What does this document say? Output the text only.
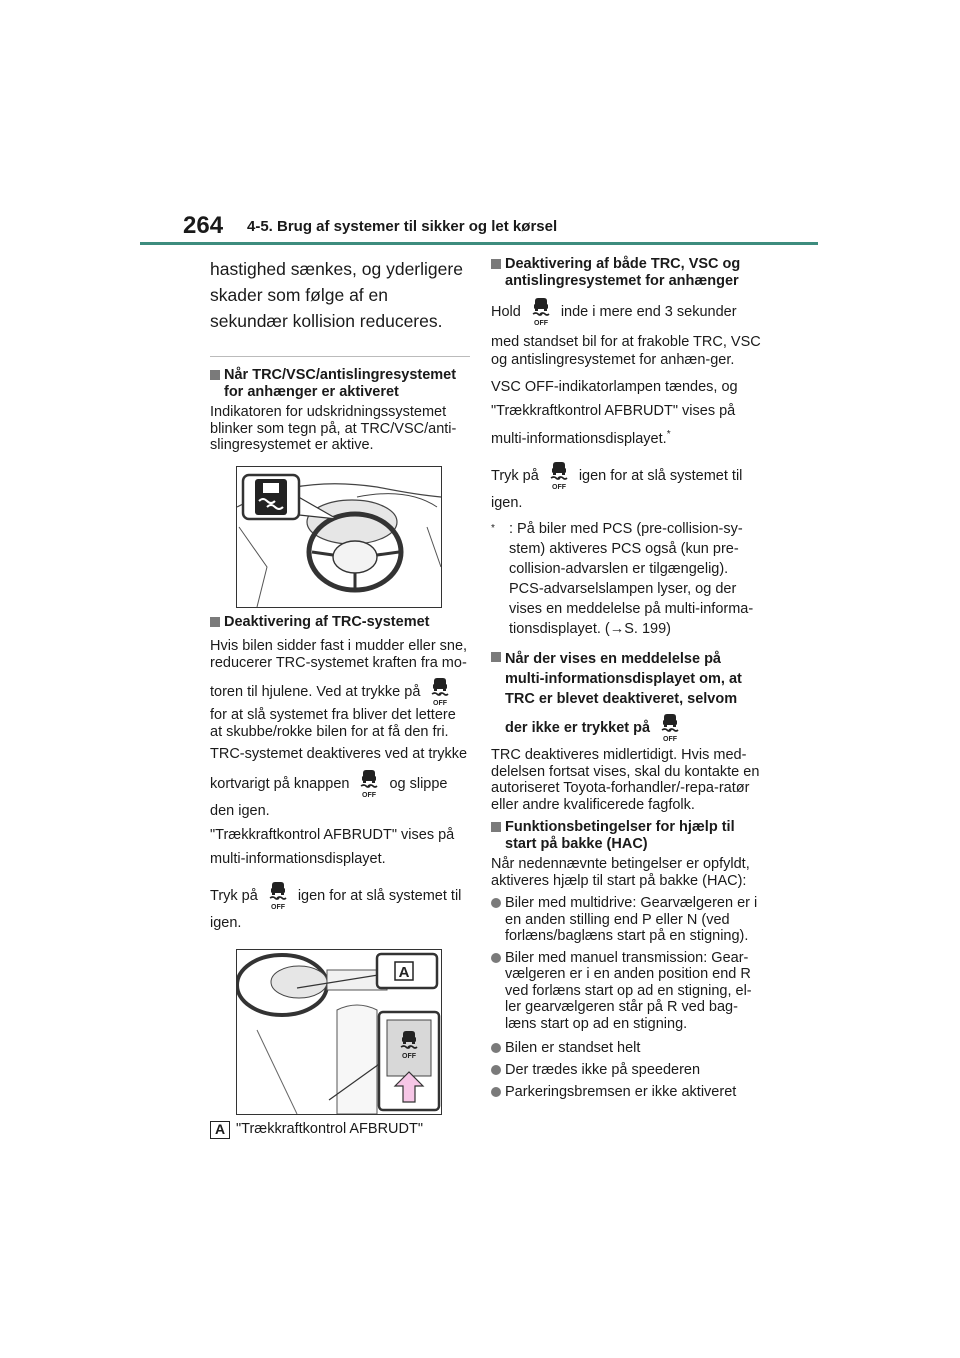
264 4-5. Brug af systemer til sikker og let kørsel
hastighed sænkes, og yderligere skader som følge af en sekundær kollision reduceres.
Når TRC/VSC/antislingresystemet for anhænger er aktiveret
Indikatoren for udskridningssystemet blinker som tegn på, at TRC/VSC/anti-slingresystemet er aktive.
Deaktivering af TRC-systemet
Hvis bilen sidder fast i mudder eller sne, reducerer TRC-systemet kraften fra mo-
toren til hjulene. Ved at trykke på
for at slå systemet fra bliver det lettere at skubbe/rokke bilen for at få den fri.
TRC-systemet deaktiveres ved at trykke
kortvarigt på knappen	og slippe
den igen.
"Trækkraftkontrol AFBRUDT" vises på multi-informationsdisplayet.
Tryk på	igen for at slå systemet til
igen.
A
A "Trækkraftkontrol AFBRUDT"
Deaktivering af både TRC, VSC og antislingresystemet for anhænger
Hold	inde i mere end 3 sekunder
med standset bil for at frakoble TRC, VSC og antislingresystemet for anhæn-ger.
VSC OFF-indikatorlampen tændes, og
"Trækkraftkontrol AFBRUDT" vises på
multi-informationsdisplayet.*
Tryk på	igen for at slå systemet til
igen.
* : På biler med PCS (pre-collision-sy-stem) aktiveres PCS også (kun pre-collision-advarslen er tilgængelig). PCS-advarselslampen lyser, og der vises en meddelelse på multi-informa-tionsdisplayet. (→S. 199)
Når der vises en meddelelse på multi-informationsdisplayet om, at TRC er blevet deaktiveret, selvom
der ikke er trykket på
TRC deaktiveres midlertidigt. Hvis med-delelsen fortsat vises, skal du kontakte en autoriseret Toyota-forhandler/-repa-ratør eller andre kvalificerede fagfolk.
Funktionsbetingelser for hjælp til start på bakke (HAC)
Når nedennævnte betingelser er opfyldt, aktiveres hjælp til start på bakke (HAC):
Biler med multidrive: Gearvælgeren er i en anden stilling end P eller N (ved forlæns/baglæns start på en stigning).
Biler med manuel transmission: Gear-vælgeren er i en anden position end R ved forlæns start op ad en stigning, el-ler gearvælgeren står på R ved bag-læns start op ad en stigning.
Bilen er standset helt
Der trædes ikke på speederen
Parkeringsbremsen er ikke aktiveret
